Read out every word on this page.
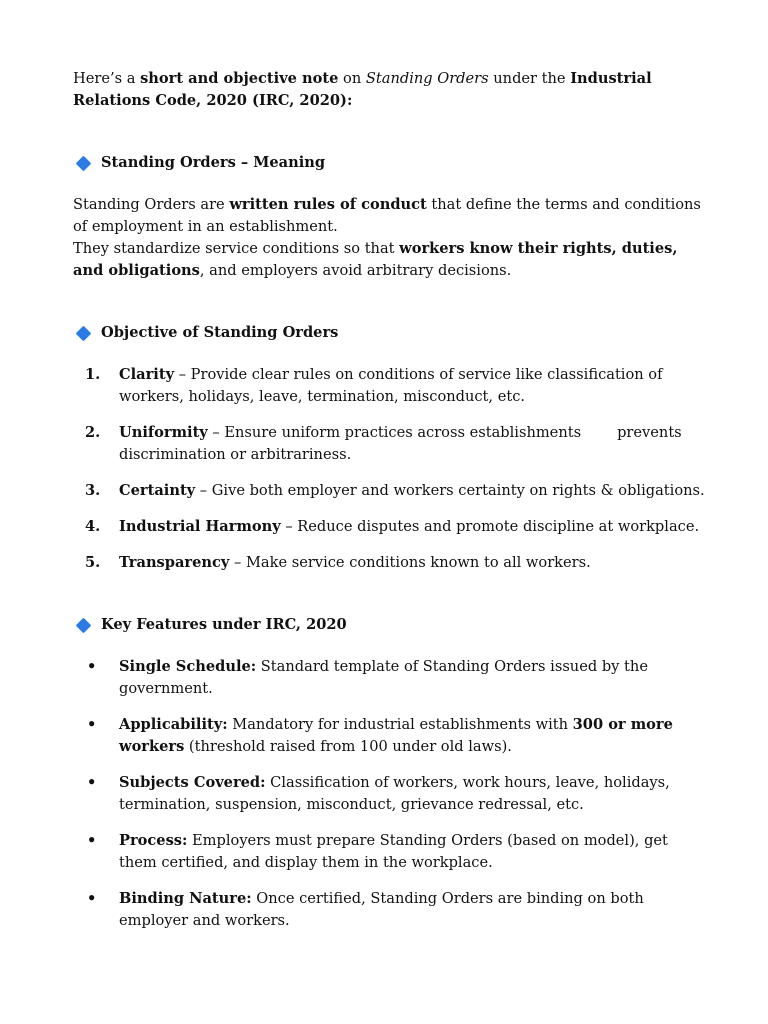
Here’s a short and objective note on Standing Orders under the Industrial Relations Code, 2020 (IRC, 2020):

Standing Orders – Meaning

Standing Orders are written rules of conduct that define the terms and conditions of employment in an establishment.

They standardize service conditions so that workers know their rights, duties, and obligations, and employers avoid arbitrary decisions.

Objective of Standing Orders
1. Clarity – Provide clear rules on conditions of service like classification of workers, holidays, leave, termination, misconduct, etc.
2. Uniformity – Ensure uniform practices across establishments prevents discrimination or arbitrariness.
3. Certainty – Give both employer and workers certainty on rights & obligations.
4. Industrial Harmony – Reduce disputes and promote discipline at workplace.
5. Transparency – Make service conditions known to all workers.
Key Features under IRC, 2020
• Single Schedule: Standard template of Standing Orders issued by the government.
• Applicability: Mandatory for industrial establishments with 300 or more workers (threshold raised from 100 under old laws).
• Subjects Covered: Classification of workers, work hours, leave, holidays, termination, suspension, misconduct, grievance redressal, etc.
• Process: Employers must prepare Standing Orders (based on model), get them certified, and display them in the workplace.
• Binding Nature: Once certified, Standing Orders are binding on both employer and workers.
